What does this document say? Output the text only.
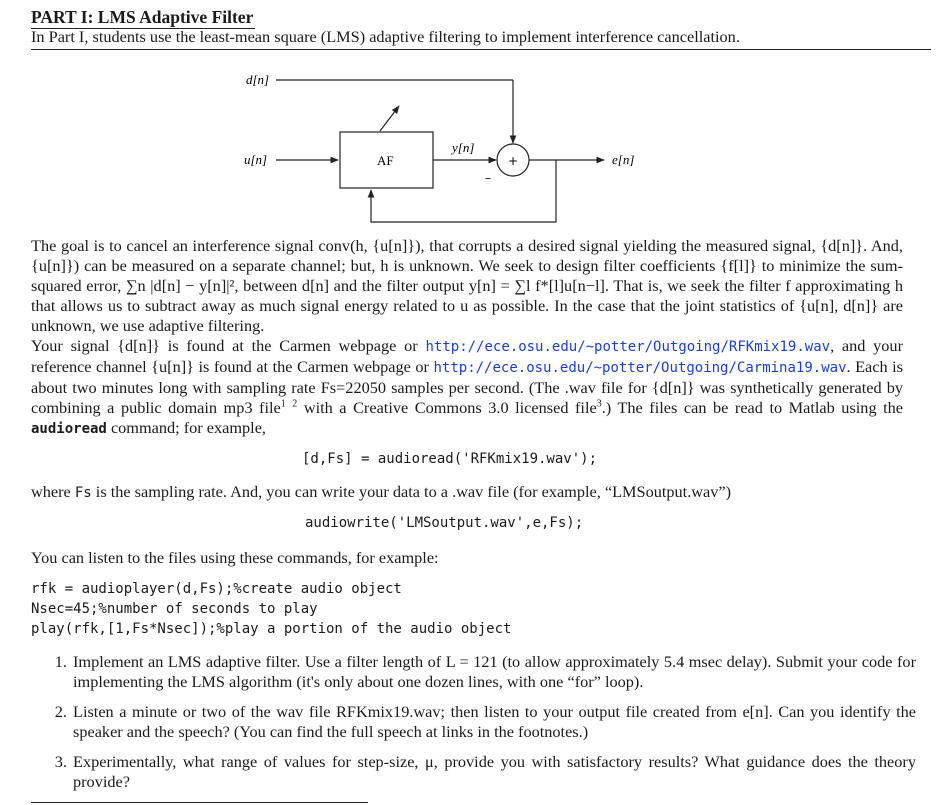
PART I: LMS Adaptive Filter
In Part I, students use the least-mean square (LMS) adaptive filtering to implement interference cancellation.
d[n]
u[n]	AF
y[n]
+
–
e[n]
The goal is to cancel an interference signal conv(h, {u[n]}), that corrupts a desired signal yielding the measured signal, {d[n]}. And, {u[n]}) can be measured on a separate channel; but, h is unknown. We seek to design filter coefficients {f[l]} to minimize the sum-squared error, ∑n |d[n] − y[n]|², between d[n] and the filter output y[n] = ∑l f*[l]u[n−l]. That is, we seek the filter f approximating h that allows us to subtract away as much signal energy related to u as possible. In the case that the joint statistics of {u[n], d[n]} are unknown, we use adaptive filtering.
Your signal {d[n]} is found at the Carmen webpage or http://ece.osu.edu/~potter/Outgoing/RFKmix19.wav, and your reference channel {u[n]} is found at the Carmen webpage or http://ece.osu.edu/~potter/Outgoing/Carmina19.wav. Each is about two minutes long with sampling rate Fs=22050 samples per second. (The .wav file for {d[n]} was synthetically generated by combining a public domain mp3 file$^1$ $^2$ with a Creative Commons 3.0 licensed file$^3$.) The files can be read to Matlab using the audioread command; for example,
[d,Fs] = audioread('RFKmix19.wav');
where Fs is the sampling rate. And, you can write your data to a .wav file (for example, “LMSoutput.wav”)
audiowrite('LMSoutput.wav',e,Fs);
You can listen to the files using these commands, for example:
rfk = audioplayer(d,Fs);%create audio object
Nsec=45;%number of seconds to play
play(rfk,[1,Fs*Nsec]);%play a portion of the audio object
1. Implement an LMS adaptive filter. Use a filter length of L = 121 (to allow approximately 5.4 msec delay). Submit your code for implementing the LMS algorithm (it's only about one dozen lines, with one “for” loop).
2. Listen a minute or two of the wav file RFKmix19.wav; then listen to your output file created from e[n]. Can you identify the speaker and the speech? (You can find the full speech at links in the footnotes.)
3. Experimentally, what range of values for step-size, μ, provide you with satisfactory results? What guidance does the theory provide?
